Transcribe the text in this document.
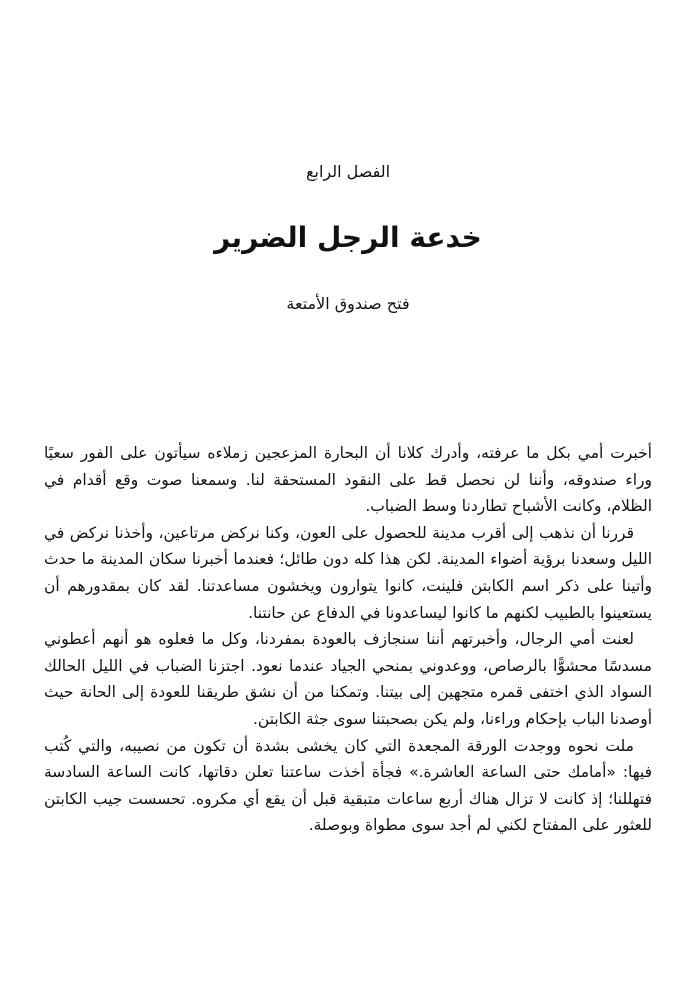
الفصل الرابع
خدعة الرجل الضرير
فتح صندوق الأمتعة

أخبرت أمي بكل ما عرفته، وأدرك كلانا أن البحارة المزعجين زملاءه سيأتون على الفور سعيًا وراء صندوقه، وأننا لن نحصل قط على النقود المستحقة لنا. وسمعنا صوت وقع أقدام في الظلام، وكانت الأشباح تطاردنا وسط الضباب.

قررنا أن نذهب إلى أقرب مدينة للحصول على العون، وكنا نركض مرتاعين، وأخذنا نركض في الليل وسعدنا برؤية أضواء المدينة. لكن هذا كله دون طائل؛ فعندما أخبرنا سكان المدينة ما حدث وأتينا على ذكر اسم الكابتن فلينت، كانوا يتوارون ويخشون مساعدتنا. لقد كان بمقدورهم أن يستعينوا بالطبيب لكنهم ما كانوا ليساعدونا في الدفاع عن حانتنا.

لعنت أمي الرجال، وأخبرتهم أننا سنجازف بالعودة بمفردنا، وكل ما فعلوه هو أنهم أعطوني مسدسًا محشوًّا بالرصاص، ووعدوني بمنحي الجياد عندما نعود. اجتزنا الضباب في الليل الحالك السواد الذي اختفى قمره متجهين إلى بيتنا. وتمكنا من أن نشق طريقنا للعودة إلى الحانة حيث أوصدنا الباب بإحكام وراءنا، ولم يكن بصحبتنا سوى جثة الكابتن.

ملت نحوه ووجدت الورقة المجعدة التي كان يخشى بشدة أن تكون من نصيبه، والتي كُتب فيها: «أمامك حتى الساعة العاشرة.» فجأة أخذت ساعتنا تعلن دقاتها، كانت الساعة السادسة فتهللنا؛ إذ كانت لا تزال هناك أربع ساعات متبقية قبل أن يقع أي مكروه. تحسست جيب الكابتن للعثور على المفتاح لكني لم أجد سوى مطواة وبوصلة.
